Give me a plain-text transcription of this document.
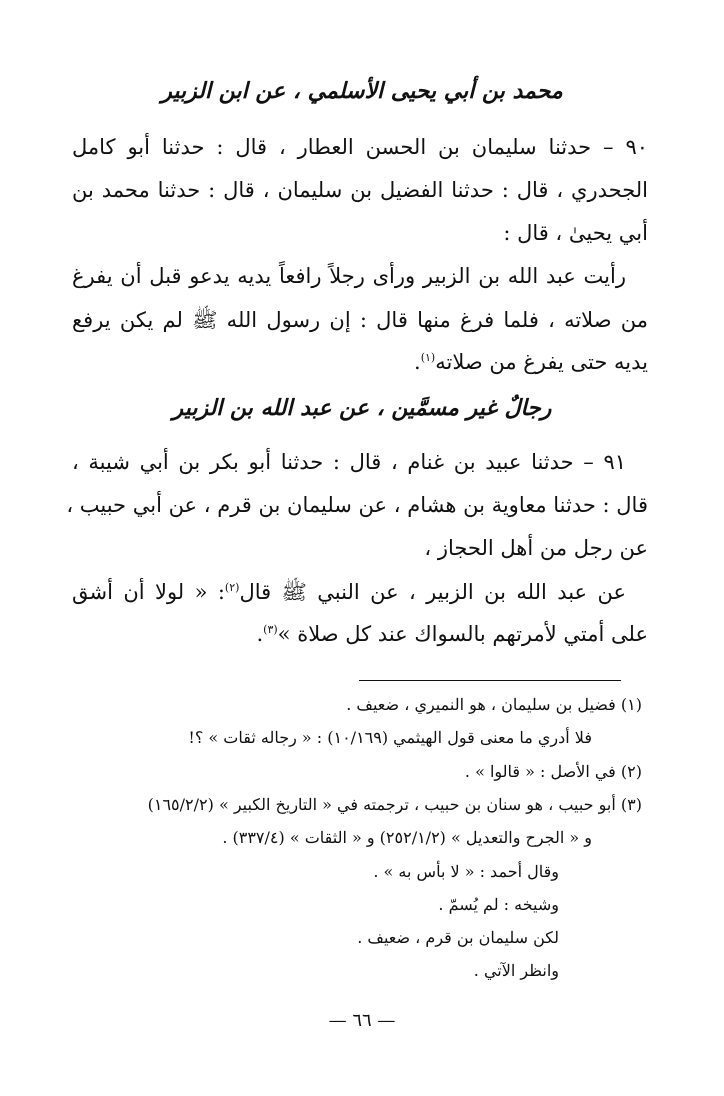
محمد بن أبي يحيى الأسلمي ، عن ابن الزبير
٩٠ – حدثنا سليمان بن الحسن العطار ، قال : حدثنا أبو كامل
الجحدري ، قال : حدثنا الفضيل بن سليمان ، قال : حدثنا محمد بن
أبي يحيىٰ ، قال :
رأيت عبد الله بن الزبير ورأى رجلاً رافعاً يديه يدعو قبل أن يفرغ
من صلاته ، فلما فرغ منها قال : إن رسول الله ﷺ لم يكن يرفع
يديه حتى يفرغ من صلاته$^{(١)}$.
رجالٌ غير مسمَّين ، عن عبد الله بن الزبير
٩١ – حدثنا عبيد بن غنام ، قال : حدثنا أبو بكر بن أبي شيبة ،
قال : حدثنا معاوية بن هشام ، عن سليمان بن قرم ، عن أبي حبيب ،
عن رجل من أهل الحجاز ،
عن عبد الله بن الزبير ، عن النبي ﷺ قال$^{(٢)}$: « لولا أن أشق
على أمتي لأمرتهم بالسواك عند كل صلاة »$^{(٣)}$.
(١) فضيل بن سليمان ، هو النميري ، ضعيف .
فلا أدري ما معنى قول الهيثمي (١٠/١٦٩) : « رجاله ثقات » ؟!
(٢) في الأصل : « قالوا » .
(٣) أبو حبيب ، هو سنان بن حبيب ، ترجمته في « التاريخ الكبير » (١٦٥/٢/٢)
و « الجرح والتعديل » (٢٥٢/١/٢) و « الثقات » (٣٣٧/٤) .
وقال أحمد : « لا بأس به » .
وشيخه : لم يُسمّ .
لكن سليمان بن قرم ، ضعيف .
وانظر الآتي .
— ٦٦ —
